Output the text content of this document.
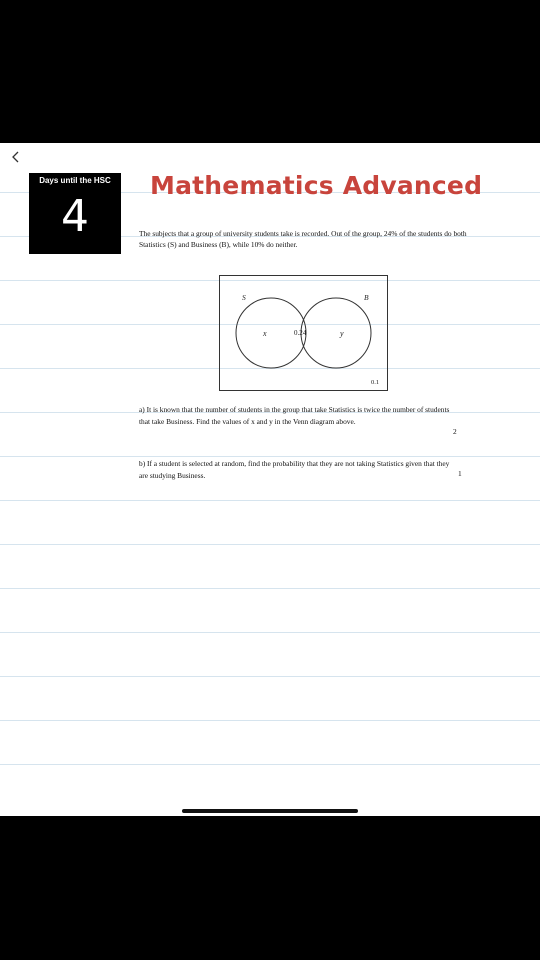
Days until the HSC
4
Mathematics Advanced
The subjects that a group of university students take is recorded. Out of the group, 24% of the students do both Statistics (S) and Business (B), while 10% do neither.
S	B
x	0.24	y
0.1
a) It is known that the number of students in the group that take Statistics is twice the number of students that take Business. Find the values of x and y in the Venn diagram above.
2
b) If a student is selected at random, find the probability that they are not taking Statistics given that they are studying Business.	1
